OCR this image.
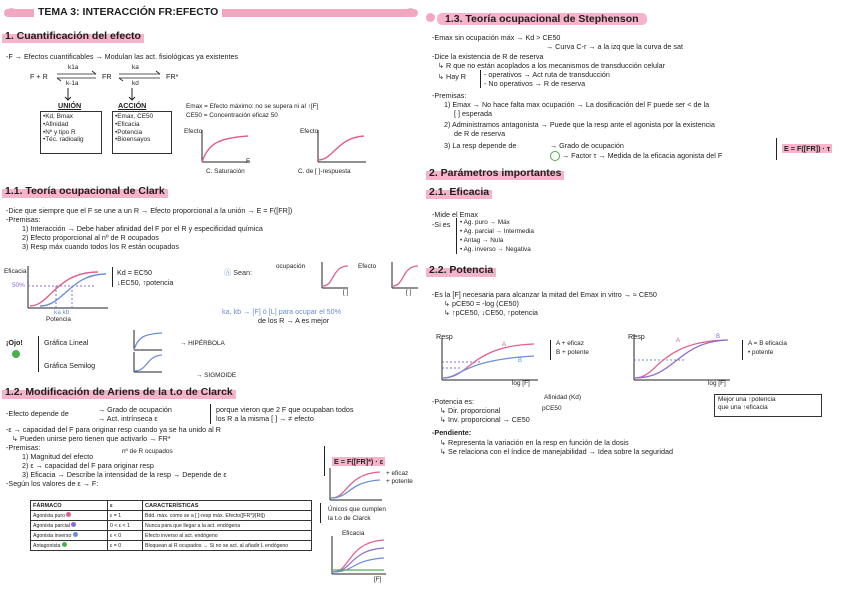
TEMA 3: INTERACCIÓN FR:EFECTO
1. Cuantificación del efecto
-F → Efectos cuantificables → Modulan las act. fisiológicas ya existentes
F + R
k1a
k-1a
⇌ FR
ka
kd
⇌ FR*
UNIÓN
•Kd, Bmax
•Afinidad
•Nº y tipo R
•Téc. radioalig
ACCIÓN
•Emax, CE50
•Eficacia
•Potencia
•Bioensayos
Emax = Efecto máximo: no se supera ni al ↑[F]
CE50 = Concentración eficaz 50
Efecto
F
C. Saturación
Efecto
C. de [ ]-respuesta
1.1. Teoría ocupacional de Clark
-Dice que siempre que el F se une a un R → Efecto proporcional a la unión → E = F([FR])
-Premisas:
1) Interacción → Debe haber afinidad del F por el R y especificidad química
2) Efecto proporcional al nº de R ocupados
3) Resp máx cuando todos los R están ocupados
Eficacia
50%
ka kb
Potencia
Kd = EC50
↓EC50, ↑potencia
Ⓐ Sean:
ocupación
[ ]
Efecto
[ ]
ka, kb → [F] ó [L] para ocupar el 50%
de los R → A es mejor
¡Ojo!	Gráfica Lineal	→ HIPÉRBOLA
Gráfica Semilog
→ SIGMOIDE
1.2. Modificación de Ariens de la t.o de Clarck
-Efecto depende de	→ Grado de ocupación
→ Act. intrínseca ε
porque vieron que 2 F que ocupaban todos
los R a la misma [ ] → ≠ efecto
-ε → capacidad del F para originar resp cuando ya se ha unido al R
↳ Pueden unirse pero tienen que activarlo → FR*
-Premisas:
1) Magnitud del efecto
nº de R ocupados
2) ε → capacidad del F para originar resp
3) Eficacia → Describe la intensidad de la resp → Depende de ε
-Según los valores de ε → F:
E = F([FR]*) · ε
+ eficaz
+ potente
FÁRMACO	ε	CARACTERÍSTICAS
Agonista puro	ε = 1	Bdd. máx. como se a [ ]-resp máx. Efecto([FR*]/[Rt])
Agonista parcial	0 < ε < 1	Nunca para que llegar a la act. endógena
Agonista inverso	ε < 0	Efecto inverso al act. endógeno
Antagonista	ε = 0	Bloquean al R ocupados → Si no se act. al añadir L endógeno
Únicos que cumplen
la t.o de Clarck
Eficacia
[F]
1.3. Teoría ocupacional de Stephenson
-Emax sin ocupación máx → Kd > CE50
→ Curva C-r → a la izq que la curva de sat
-Dice la existencia de R de reserva
↳ R que no están acoplados a los mecanismos de transducción celular
↳ Hay R	- operativos → Act ruta de transducción
- No operativos → R de reserva
-Premisas:
1) Emax → No hace falta max ocupación → La dosificación del F puede ser < de la
[ ] esperada
2) Administramos antagonista → Puede que la resp ante el agonista por la existencia
de R de reserva
3) La resp depende de	→ Grado de ocupación
→ Factor τ → Medida de la eficacia agonista del F
E = F([FR]) · τ
2. Parámetros importantes
2.1. Eficacia
-Mide el Emax
-Si es • Ag. puro → Máx
• Ag. parcial → Intermedia
• Antag → Nula
• Ag. inverso → Negativa
2.2. Potencia
-Es la [F] necesaria para alcanzar la mitad del Emax in vitro → ≈ CE50
↳ pCE50 = -log (CE50)
↳ ↑pCE50, ↓CE50, ↑potencia
Resp
A
B
log [F]
A + eficaz
B + potente
Resp	A
B
log [F]
A = B eficacia
• potente
-Potencia es:	Afinidad (Kd)
↳ Dir. proporcional	pCE50
↳ Inv. proporcional → CE50
Mejor una ↑potencia
que una ↑eficacia
-Pendiente:
↳ Representa la variación en la resp en función de la dosis
↳ Se relaciona con el índice de manejabilidad → Idea sobre la seguridad
